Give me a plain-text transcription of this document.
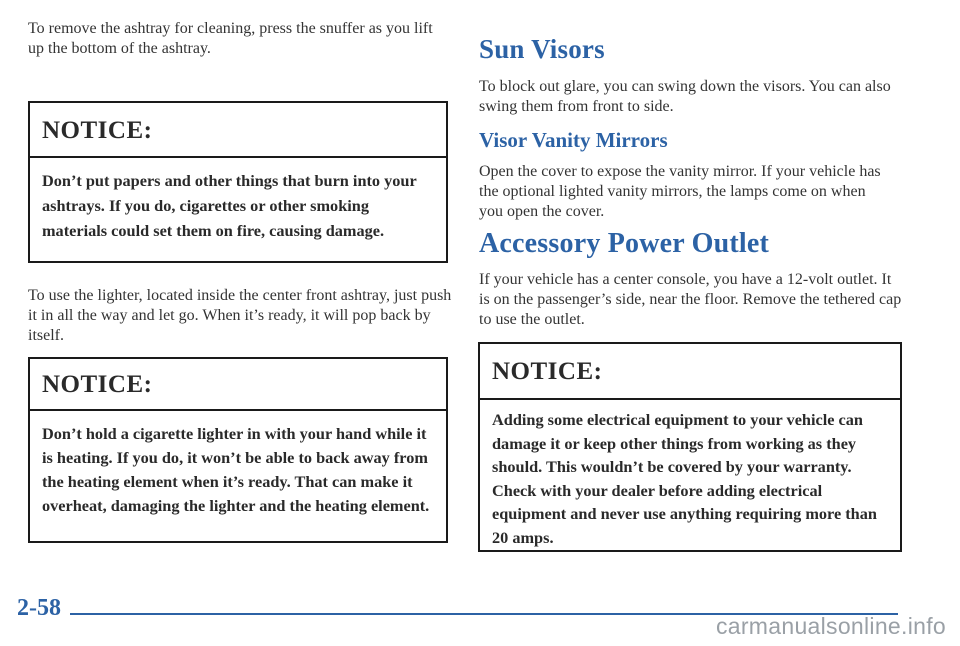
To remove the ashtray for cleaning, press the snuffer as you lift up the bottom of the ashtray.

NOTICE:
Don’t put papers and other things that burn into your ashtrays. If you do, cigarettes or other smoking materials could set them on fire, causing damage.

To use the lighter, located inside the center front ashtray, just push it in all the way and let go. When it’s ready, it will pop back by itself.

NOTICE:
Don’t hold a cigarette lighter in with your hand while it is heating. If you do, it won’t be able to back away from the heating element when it’s ready. That can make it overheat, damaging the lighter and the heating element.
Sun Visors

To block out glare, you can swing down the visors. You can also swing them from front to side.

Visor Vanity Mirrors

Open the cover to expose the vanity mirror. If your vehicle has the optional lighted vanity mirrors, the lamps come on when you open the cover.

Accessory Power Outlet

If your vehicle has a center console, you have a 12-volt outlet. It is on the passenger’s side, near the floor. Remove the tethered cap to use the outlet.

NOTICE:
Adding some electrical equipment to your vehicle can damage it or keep other things from working as they should. This wouldn’t be covered by your warranty. Check with your dealer before adding electrical equipment and never use anything requiring more than 20 amps.
2-58
carmanualsonline.info
